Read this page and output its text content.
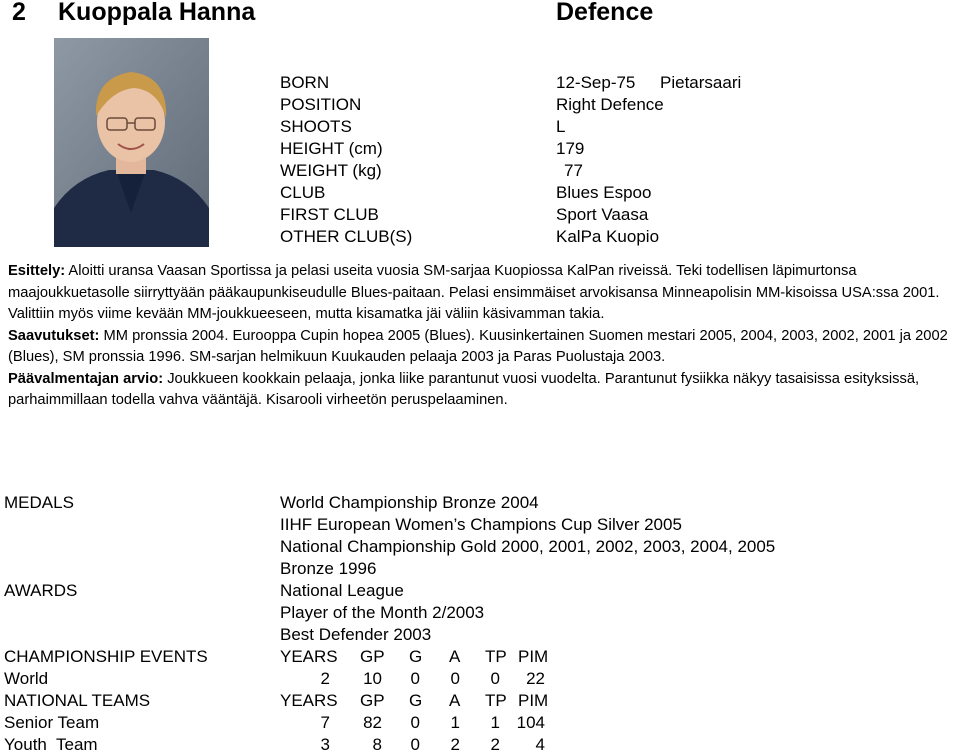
2 Kuoppala Hanna	Defence
BORN	12-Sep-75 Pietarsaari
POSITION	Right Defence
SHOOTS	L
HEIGHT (cm)	179
WEIGHT (kg)	77
CLUB	Blues Espoo
FIRST CLUB	Sport Vaasa
OTHER CLUB(S)	KalPa Kuopio

Esittely: Aloitti uransa Vaasan Sportissa ja pelasi useita vuosia SM-sarjaa Kuopiossa KalPan riveissä. Teki todellisen läpimurtonsa maajoukkuetasolle siirryttyään pääkaupunkiseudulle Blues-paitaan. Pelasi ensimmäiset arvokisansa Minneapolisin MM-kisoissa USA:ssa 2001. Valittiin myös viime kevään MM-joukkueeseen, mutta kisamatka jäi väliin käsivamman takia.

Saavutukset: MM pronssia 2004. Eurooppa Cupin hopea 2005 (Blues). Kuusinkertainen Suomen mestari 2005, 2004, 2003, 2002, 2001 ja 2002 (Blues), SM pronssia 1996. SM-sarjan helmikuun Kuukauden pelaaja 2003 ja Paras Puolustaja 2003.

Päävalmentajan arvio: Joukkueen kookkain pelaaja, jonka liike parantunut vuosi vuodelta. Parantunut fysiikka näkyy tasaisissa esityksissä, parhaimmillaan todella vahva vääntäjä. Kisarooli virheetön peruspelaaminen.

MEDALS	World Championship Bronze 2004
IIHF European Women’s Champions Cup Silver 2005
National Championship Gold 2000, 2001, 2002, 2003, 2004, 2005
Bronze 1996
AWARDS	National League
Player of the Month 2/2003
Best Defender 2003
CHAMPIONSHIP EVENTS	YEARS GP G A TP PIM
World	2	10	0	0	0	22
NATIONAL TEAMS	YEARS GP G A TP PIM
Senior Team	7	82	0	1	1 104
Youth  Team	3	8	0	2	2	4
